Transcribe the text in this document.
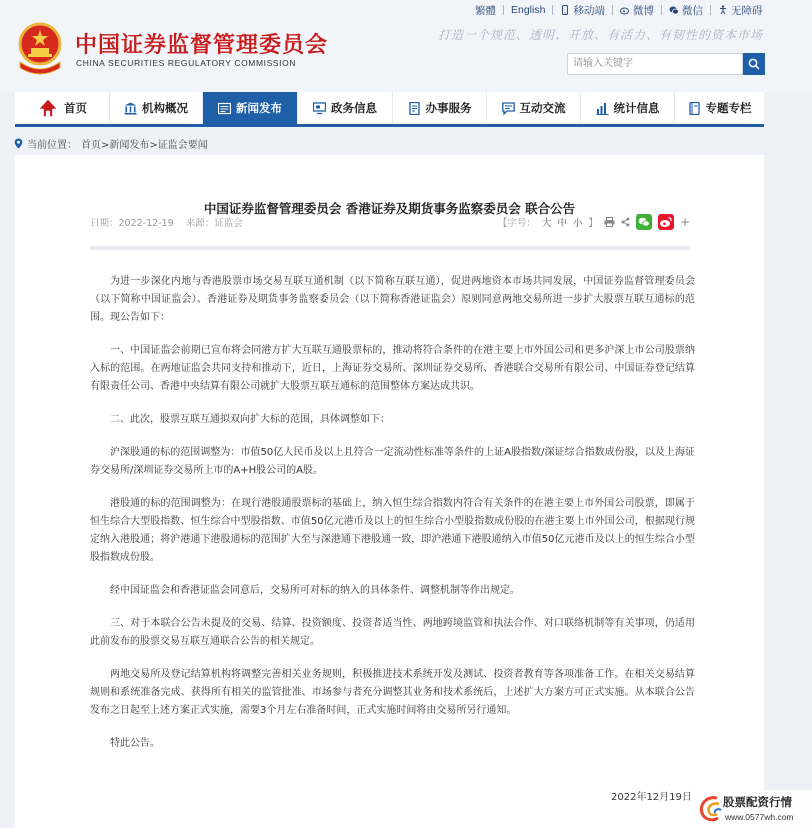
中国证券监督管理委员会
CHINA SECURITIES REGULATORY COMMISSION
打造一个规范、透明、开放、有活力、有韧性的资本市场
繁體 English	移动端	微博	微信	无障碍
请输入关键字
首页	机构概况	新闻发布	政务信息	办事服务	互动交流	统计信息	专题专栏
当前位置： 首页>新闻发布>证监会要闻
中国证券监督管理委员会 香港证券及期货事务监察委员会 联合公告
日期：2022-12-19 来源：证监会	【字号： 大 中 小 】	+

为进一步深化内地与香港股票市场交易互联互通机制（以下简称互联互通），促进两地资本市场共同发展，中国证券监督管理委员会（以下简称中国证监会）、香港证券及期货事务监察委员会（以下简称香港证监会）原则同意两地交易所进一步扩大股票互联互通标的范围。现公告如下：

一、中国证监会前期已宣布将会同港方扩大互联互通股票标的，推动将符合条件的在港主要上市外国公司和更多沪深上市公司股票纳入标的范围。在两地证监会共同支持和推动下，近日，上海证券交易所、深圳证券交易所、香港联合交易所有限公司、中国证券登记结算有限责任公司、香港中央结算有限公司就扩大股票互联互通标的范围整体方案达成共识。

二、此次，股票互联互通拟双向扩大标的范围，具体调整如下：

沪深股通的标的范围调整为：市值50亿人民币及以上且符合一定流动性标准等条件的上证A股指数/深证综合指数成份股，以及上海证券交易所/深圳证券交易所上市的A+H股公司的A股。

港股通的标的范围调整为：在现行港股通股票标的基础上，纳入恒生综合指数内符合有关条件的在港主要上市外国公司股票，即属于恒生综合大型股指数、恒生综合中型股指数、市值50亿元港币及以上的恒生综合小型股指数成份股的在港主要上市外国公司，根据现行规定纳入港股通；将沪港通下港股通标的范围扩大至与深港通下港股通一致，即沪港通下港股通纳入市值50亿元港币及以上的恒生综合小型股指数成份股。

经中国证监会和香港证监会同意后，交易所可对标的纳入的具体条件、调整机制等作出规定。

三、对于本联合公告未提及的交易、结算、投资额度、投资者适当性、两地跨境监管和执法合作、对口联络机制等有关事项，仍适用此前发布的股票交易互联互通联合公告的相关规定。

两地交易所及登记结算机构将调整完善相关业务规则，积极推进技术系统开发及测试、投资者教育等各项准备工作。在相关交易结算规则和系统准备完成、获得所有相关的监管批准、市场参与者充分调整其业务和技术系统后，上述扩大方案方可正式实施。从本联合公告发布之日起至上述方案正式实施，需要3个月左右准备时间，正式实施时间将由交易所另行通知。

特此公告。

2022年12月19日	股票配资行情
www.0577wh.com
